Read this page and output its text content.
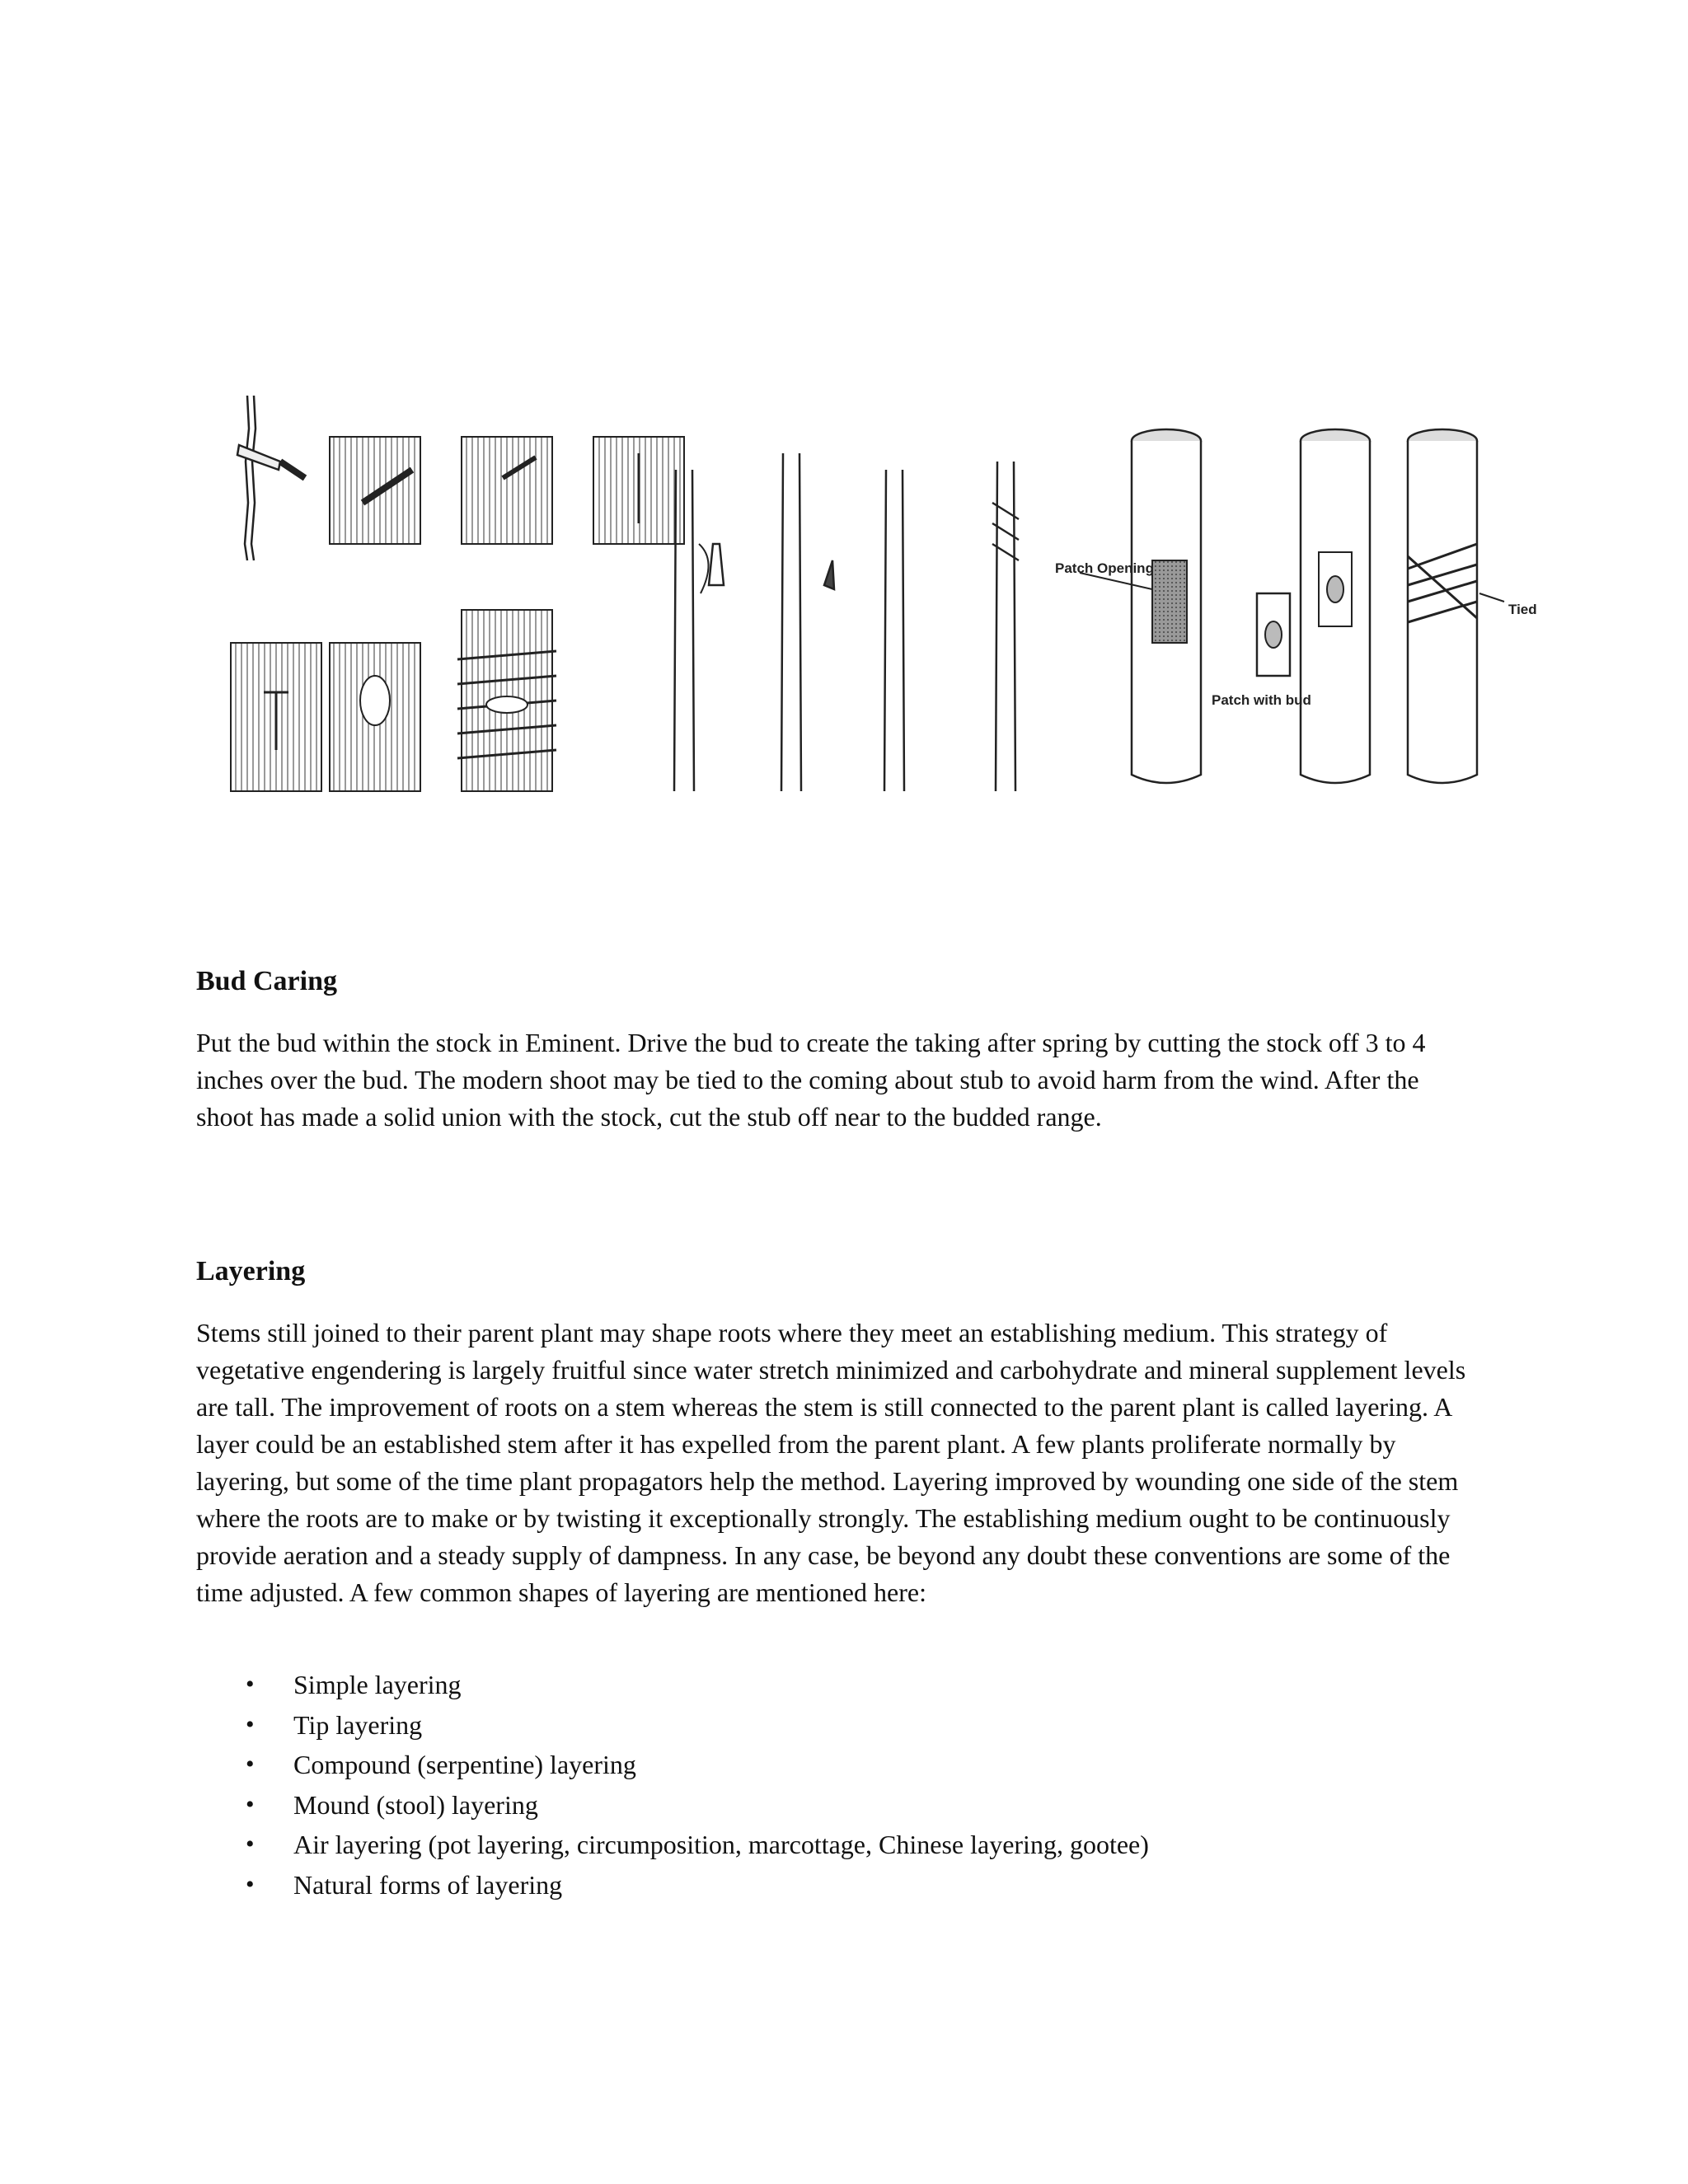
Patch Opening
Patch with bud
Tied
Bud Caring

Put the bud within the stock in Eminent. Drive the bud to create the taking after spring by cutting the stock off 3 to 4 inches over the bud. The modern shoot may be tied to the coming about stub to avoid harm from the wind. After the shoot has made a solid union with the stock, cut the stub off near to the budded range.

Layering

Stems still joined to their parent plant may shape roots where they meet an establishing medium. This strategy of vegetative engendering is largely fruitful since water stretch minimized and carbohydrate and mineral supplement levels are tall. The improvement of roots on a stem whereas the stem is still connected to the parent plant is called layering. A layer could be an established stem after it has expelled from the parent plant. A few plants proliferate normally by layering, but some of the time plant propagators help the method. Layering improved by wounding one side of the stem where the roots are to make or by twisting it exceptionally strongly. The establishing medium ought to be continuously provide aeration and a steady supply of dampness. In any case, be beyond any doubt these conventions are some of the time adjusted. A few common shapes of layering are mentioned here:

• Simple layering
• Tip layering
• Compound (serpentine) layering
• Mound (stool) layering
• Air layering (pot layering, circumposition, marcottage, Chinese layering, gootee)
• Natural forms of layering
